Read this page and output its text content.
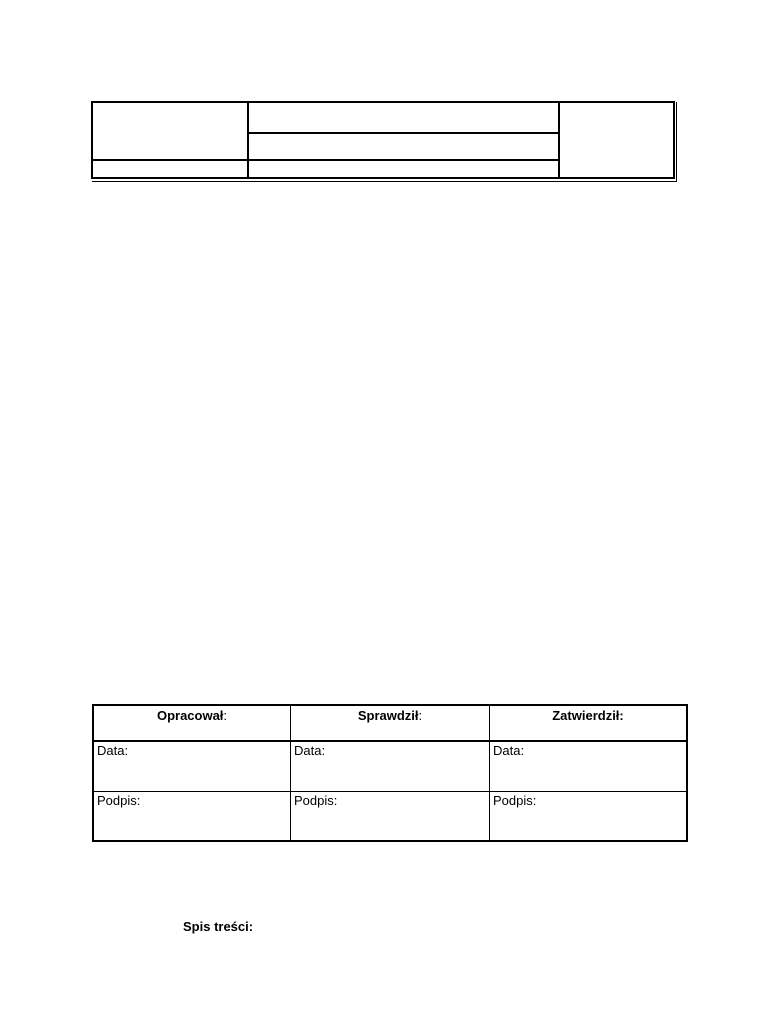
Opracował:	Sprawdził:	Zatwierdził:
Data:	Data:	Data:
Podpis:	Podpis:	Podpis:
Spis treści:
